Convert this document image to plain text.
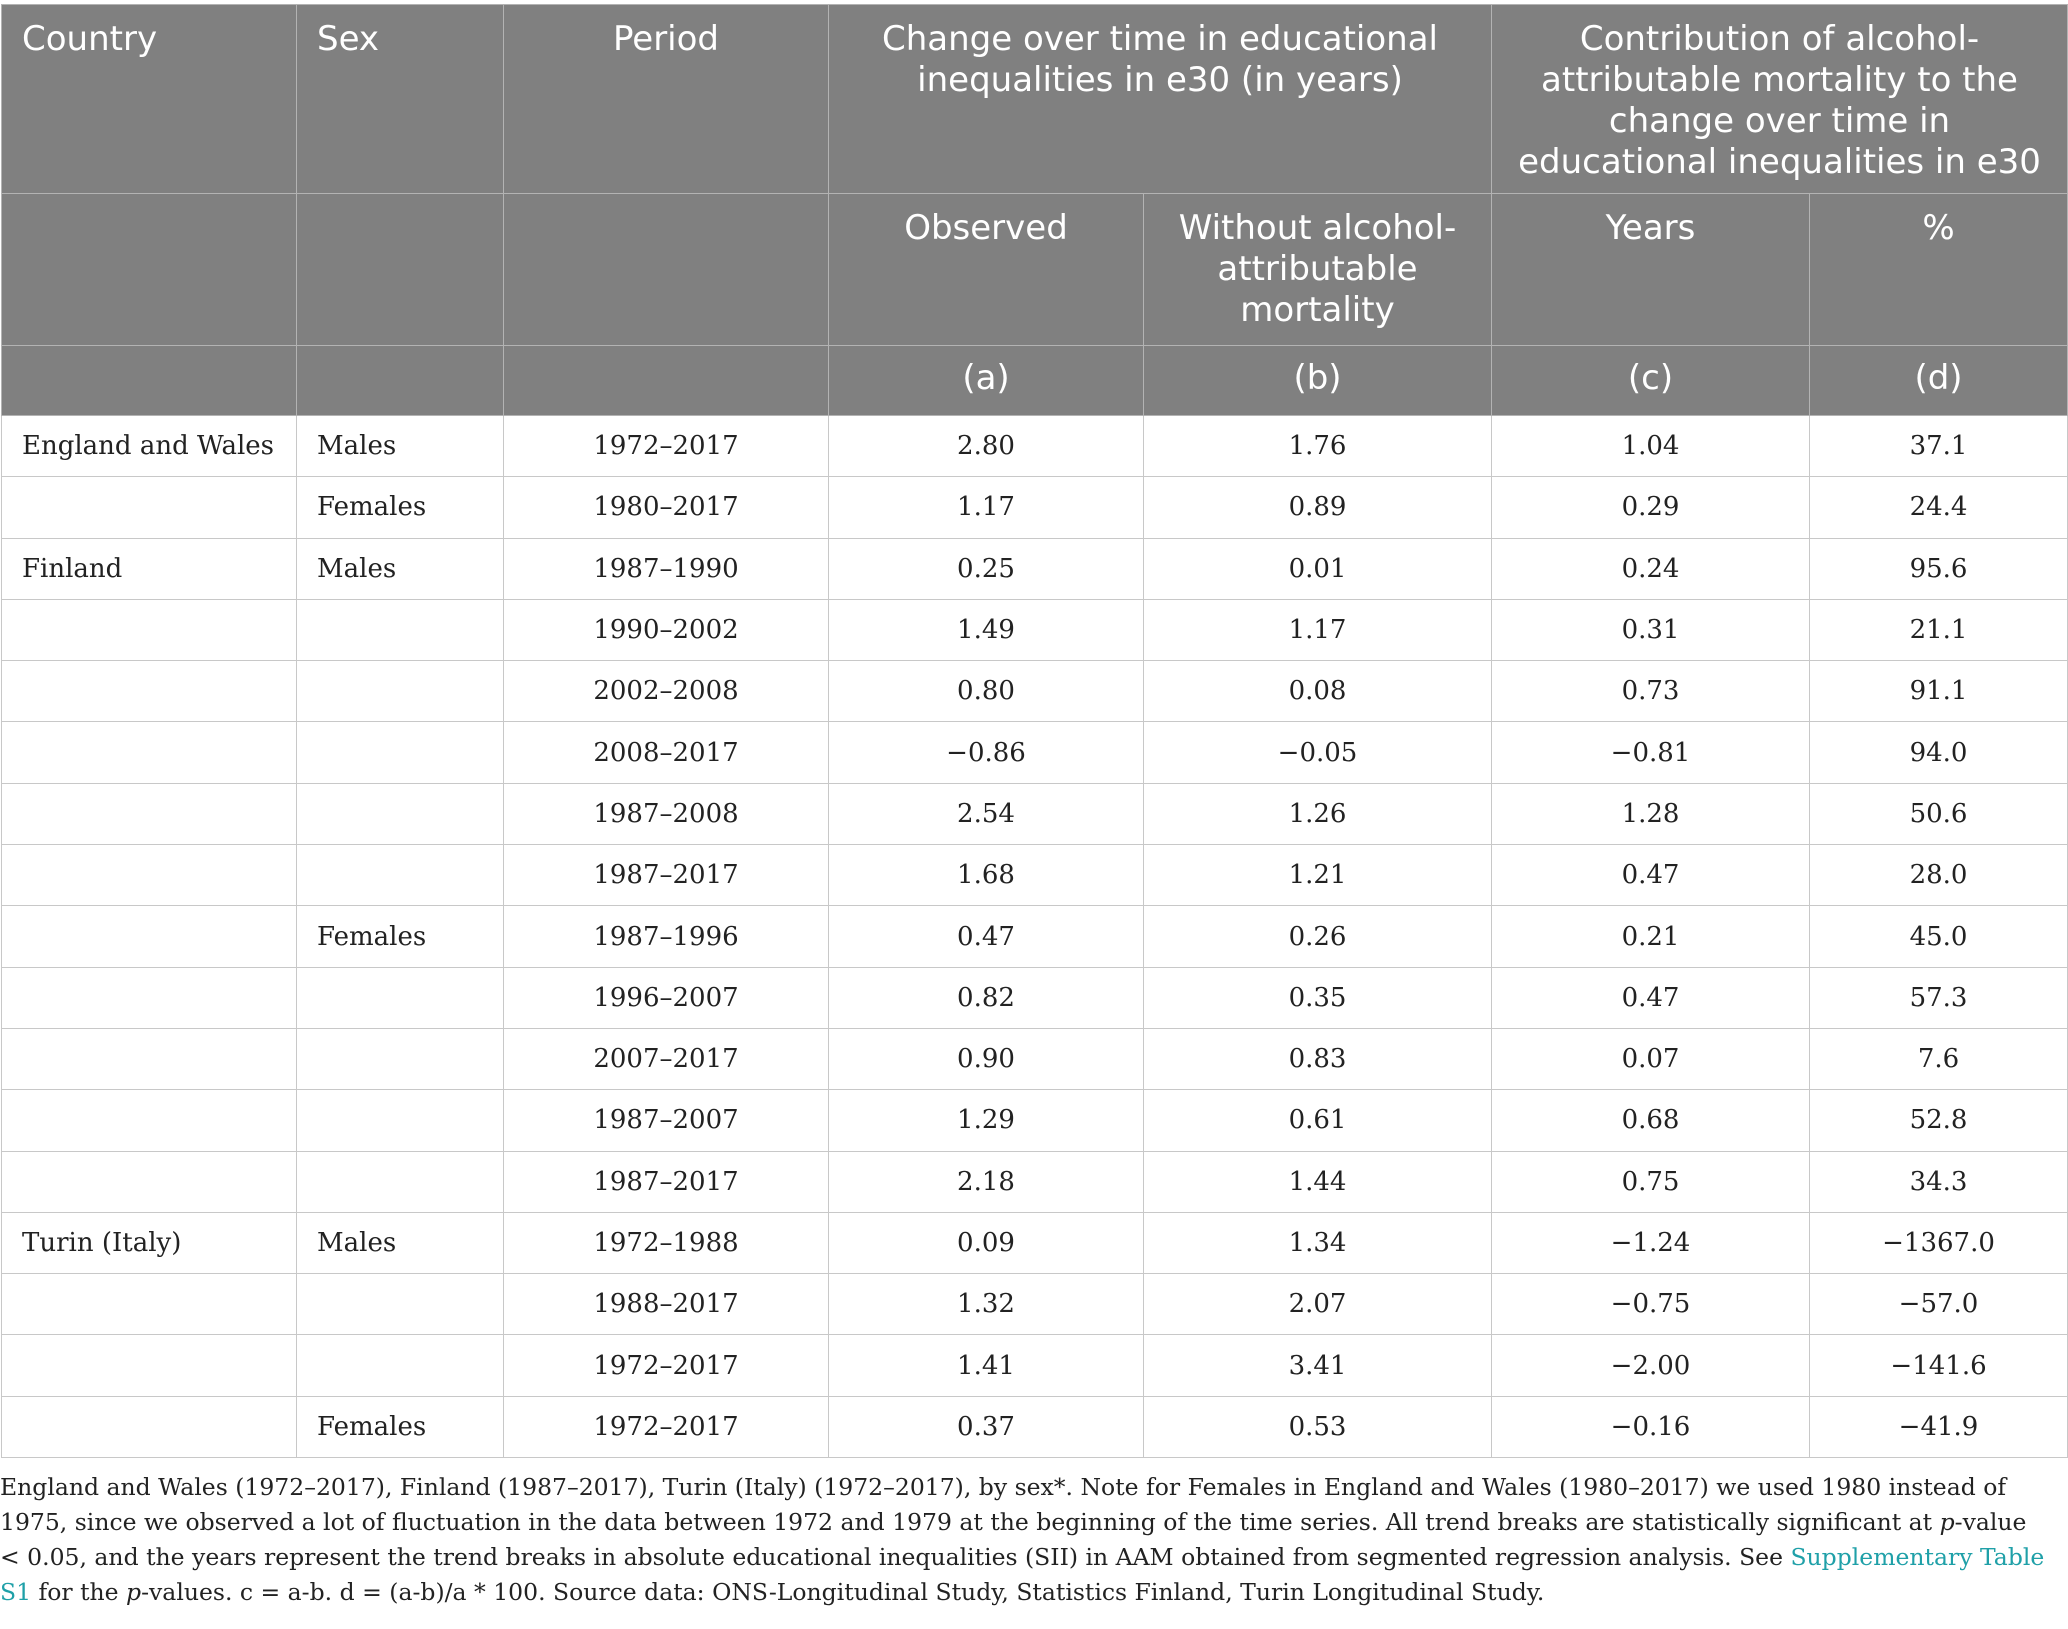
Country	Sex	Period	Change over time in educational inequalities in e30 (in years)		Contribution of alcohol-attributable mortality to the change over time in educational inequalities in e30	
			Observed	Without alcohol-attributable mortality	Years	%
			(a)	(b)	(c)	(d)
England and Wales	Males	1972–2017	2.80	1.76	1.04	37.1
	Females	1980–2017	1.17	0.89	0.29	24.4
Finland	Males	1987–1990	0.25	0.01	0.24	95.6
		1990–2002	1.49	1.17	0.31	21.1
		2002–2008	0.80	0.08	0.73	91.1
		2008–2017	−0.86	−0.05	−0.81	94.0
		1987–2008	2.54	1.26	1.28	50.6
		1987–2017	1.68	1.21	0.47	28.0
	Females	1987–1996	0.47	0.26	0.21	45.0
		1996–2007	0.82	0.35	0.47	57.3
		2007–2017	0.90	0.83	0.07	7.6
		1987–2007	1.29	0.61	0.68	52.8
		1987–2017	2.18	1.44	0.75	34.3
Turin (Italy)	Males	1972–1988	0.09	1.34	−1.24	−1367.0
		1988–2017	1.32	2.07	−0.75	−57.0
		1972–2017	1.41	3.41	−2.00	−141.6
	Females	1972–2017	0.37	0.53	−0.16	−41.9
England and Wales (1972–2017), Finland (1987–2017), Turin (Italy) (1972–2017), by sex*. Note for Females in England and Wales (1980–2017) we used 1980 instead of 1975, since we observed a lot of fluctuation in the data between 1972 and 1979 at the beginning of the time series. All trend breaks are statistically significant at p-value < 0.05, and the years represent the trend breaks in absolute educational inequalities (SII) in AAM obtained from segmented regression analysis. See Supplementary Table S1 for the p-values. c = a-b. d = (a-b)/a * 100. Source data: ONS-Longitudinal Study, Statistics Finland, Turin Longitudinal Study.
